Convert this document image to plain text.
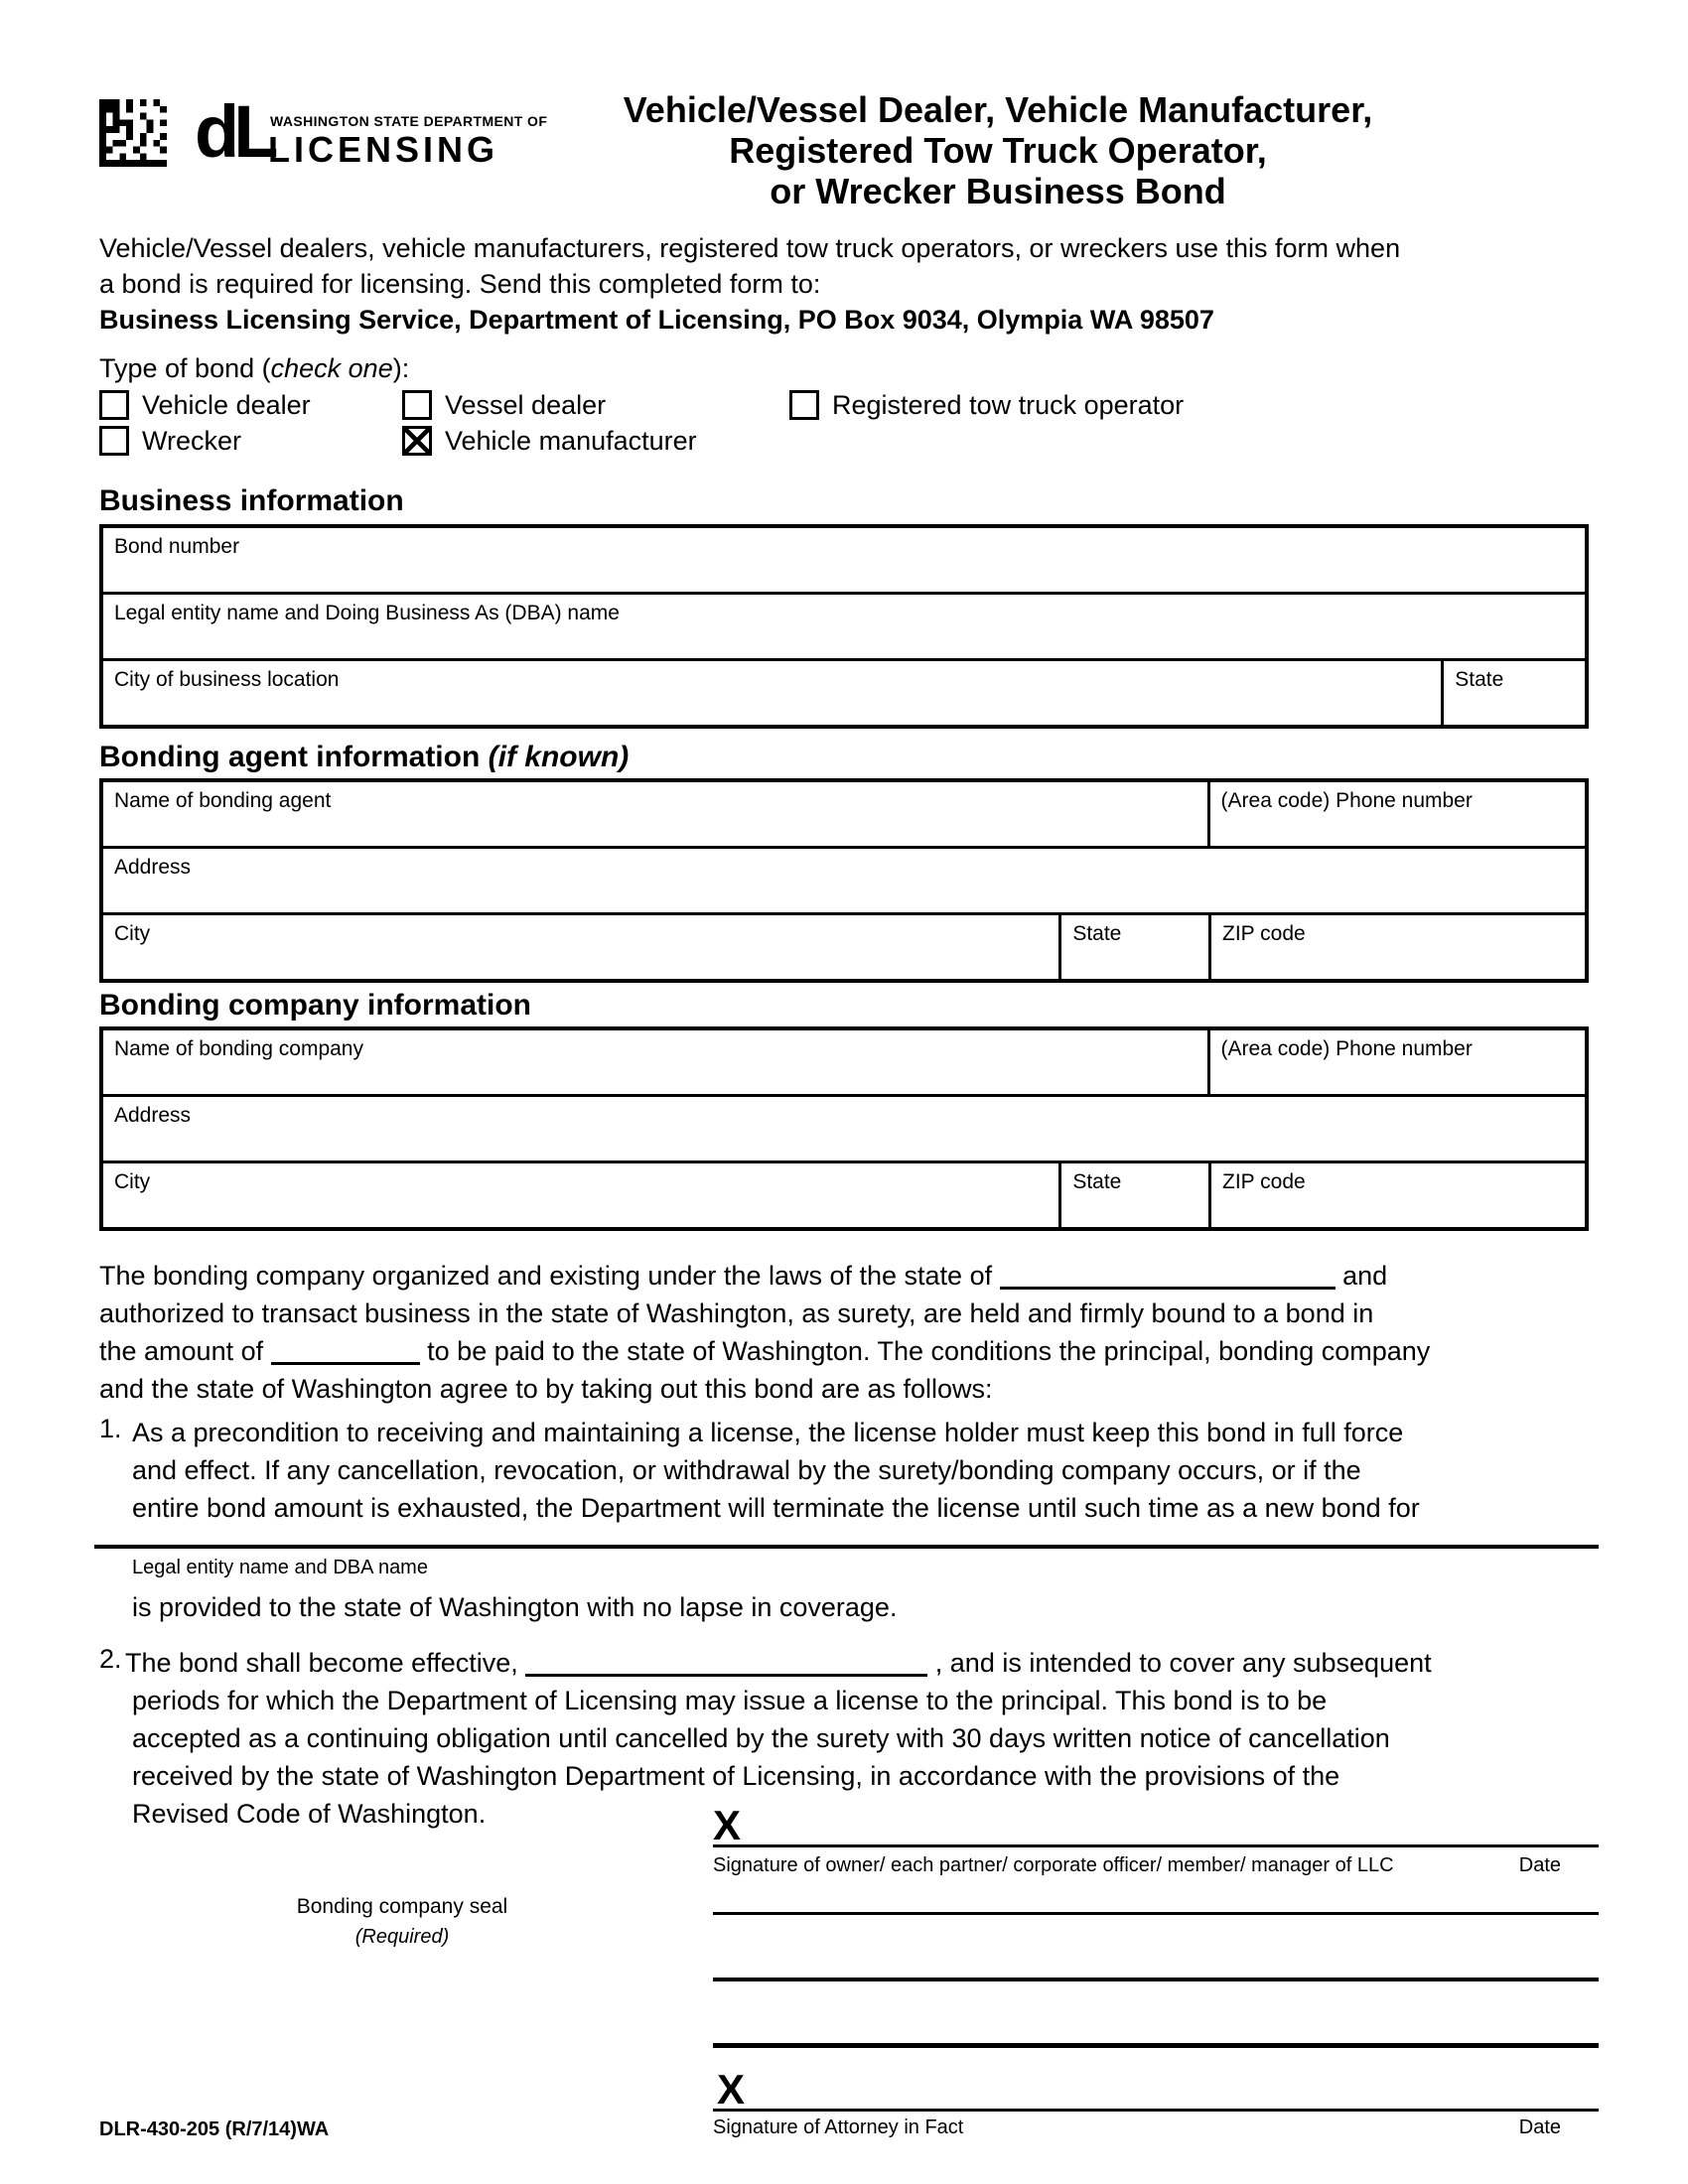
dL
WASHINGTON STATE DEPARTMENT OF
LICENSING
Vehicle/Vessel Dealer, Vehicle Manufacturer,
Registered Tow Truck Operator,
or Wrecker Business Bond
Vehicle/Vessel dealers, vehicle manufacturers, registered tow truck operators, or wreckers use this form when
a bond is required for licensing. Send this completed form to:
Business Licensing Service, Department of Licensing, PO Box 9034, Olympia WA 98507
Type of bond (check one):
Vehicle dealer	Vessel dealer	Registered tow truck operator
Wrecker	Vehicle manufacturer
Business information
Bond number
Legal entity name and Doing Business As (DBA) name
City of business location	State
Bonding agent information (if known)
Name of bonding agent	(Area code) Phone number
Address
City	State	ZIP code
Bonding company information
Name of bonding company	(Area code) Phone number
Address
City	State	ZIP code
The bonding company organized and existing under the laws of the state of	and
authorized to transact business in the state of Washington, as surety, are held and firmly bound to a bond in
the amount of	to be paid to the state of Washington. The conditions the principal, bonding company
and the state of Washington agree to by taking out this bond are as follows:
1. As a precondition to receiving and maintaining a license, the license holder must keep this bond in full force
and effect. If any cancellation, revocation, or withdrawal by the surety/bonding company occurs, or if the
entire bond amount is exhausted, the Department will terminate the license until such time as a new bond for
Legal entity name and DBA name
is provided to the state of Washington with no lapse in coverage.
2. The bond shall become effective,	, and is intended to cover any subsequent
periods for which the Department of Licensing may issue a license to the principal. This bond is to be
accepted as a continuing obligation until cancelled by the surety with 30 days written notice of cancellation
received by the state of Washington Department of Licensing, in accordance with the provisions of the
Revised Code of Washington.	X
Signature of owner/ each partner/ corporate officer/ member/ manager of LLC	Date
Bonding company seal
(Required)
X
Signature of Attorney in Fact	Date
DLR-430-205 (R/7/14)WA
